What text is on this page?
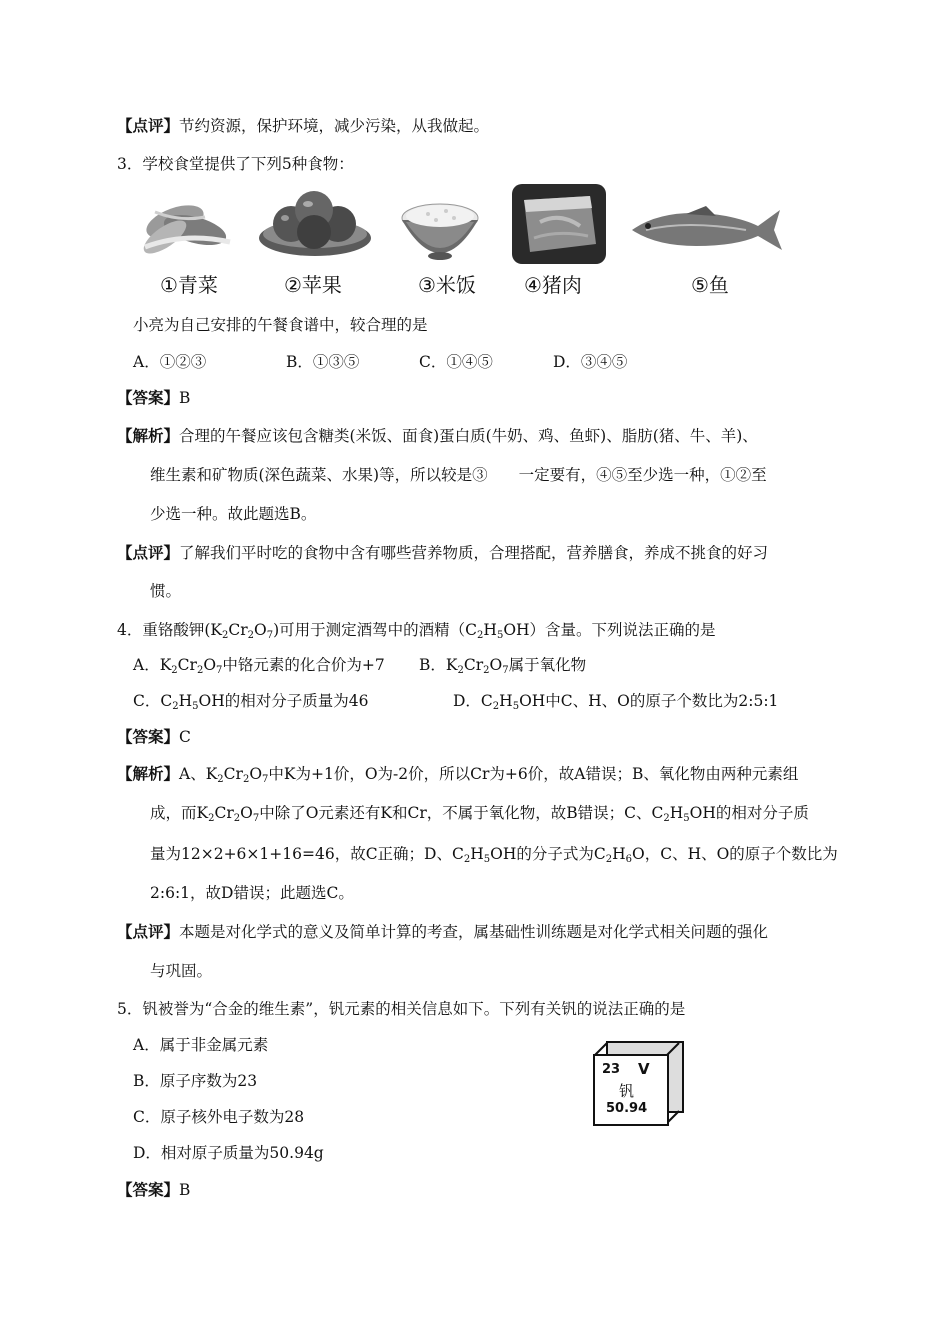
【点评】节约资源，保护环境，减少污染，从我做起。
3．学校食堂提供了下列5种食物：
①青菜	②苹果	③米饭 ④猪肉	⑤鱼
小亮为自己安排的午餐食谱中，较合理的是
A．①②③	B．①③⑤	C．①④⑤	D．③④⑤
【答案】B
【解析】合理的午餐应该包含糖类(米饭、面食)蛋白质(牛奶、鸡、鱼虾)、脂肪(猪、牛、羊)、
维生素和矿物质(深色蔬菜、水果)等，所以较是③　　一定要有，④⑤至少选一种，①②至
少选一种。故此题选B。
【点评】了解我们平时吃的食物中含有哪些营养物质，合理搭配，营养膳食，养成不挑食的好习
惯。
4．重铬酸钾$(K_2Cr_2O_7)$可用于测定酒驾中的酒精$(C_2H_5OH)$含量。下列说法正确的是
A．$K_2Cr_2O_7$中铬元素的化合价为+7 B．$K_2Cr_2O_7$属于氧化物
C．$C_2H_5OH$的相对分子质量为46	D．$C_2H_5OH$中C、H、O的原子个数比为2:5:1
【答案】C
【解析】A、$K_2Cr_2O_7$中K为+1价，O为-2价，所以Cr为+6价，故A错误；B、氧化物由两种元素组
成，而$K_2Cr_2O_7$中除了O元素还有K和Cr，不属于氧化物，故B错误；C、$C_2H_5OH$的相对分子质
量为12×2+6×1+16=46，故C正确；D、$C_2H_5OH$的分子式为$C_2H_6O$，C、H、O的原子个数比为
2:6:1，故D错误；此题选C。
【点评】本题是对化学式的意义及简单计算的考查，属基础性训练题是对化学式相关问题的强化
与巩固。
5．钒被誉为“合金的维生素”，钒元素的相关信息如下。下列有关钒的说法正确的是
A．属于非金属元素
B．原子序数为23
C．原子核外电子数为28
D．相对原子质量为50.94g
23 V
钒
50.94
【答案】B
